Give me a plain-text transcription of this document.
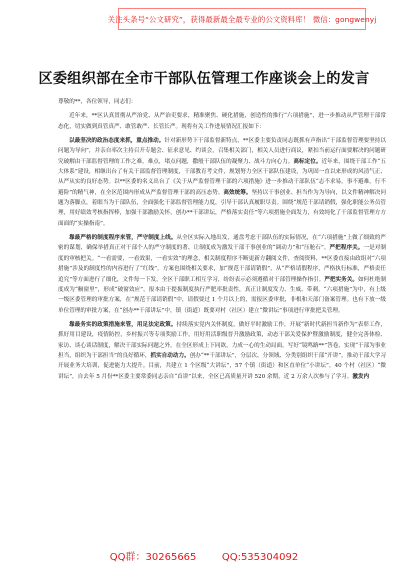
关注头条号“公文研究”，获得最新最全最专业的公文资料库！ 微信：gongwenyj
区委组织部在全市干部队伍管理工作座谈会上的发言

尊敬的**，各位领导，同志们：

近年来，**区认真贯彻从严治党、从严治吏要求，精准聚焦、硬化措施，创造性的推行“六项措施”，进一步推动从严管理干部常态化，切实做到真管真严、敢管敢严、长管长严。现将有关工作进展情况汇报如下：

以最坚决的政治态度来抓，重点推动。针对新形势下干部监督新特点，**区委主要负责同志既抓有声指出“干部监督管理要坚持以问题为导向”，并亲自率次主持召开专题会、征求意见、约谈会，召集相关部门，相关人员进行商议，紧扣当前运行面要解决的问题研究破解由干部监督管理的工作之难，难点，堵点问题，撒般干部队伍的凝聚力、战斗力向心力。高标定位。近年来，围绕干部工作“五大体系”建设，相继出台了有关干部监督管理制度，干部教育考文件，规划努力全区干部队伍建设，为巩固一直以来形成的风清气正、从严从实的良好态势。以**区委的名义出台了《关于从严监督管理干部的六项措施》进一步推动干部队伍“志不求易，事不避难，行不避险”的精气神，在全区范围内形成从严监督管理干部的高压态势。高效统筹。坚持以干事创业、担当作为为导向，以文件精神解决问题为落脚点，着眼当为干部队伍，全面强化干部监督管理能力度，引导干部认真履职尽责。围绕“规范干部请销假，强化职能公务员管理，用好绩效考核指挥棒，加强干部激励关怀，创办**干部讲坛，严格落实责任”等六项措施全面发力，有效纯化了干部监督管理方方面面的“实操指南”。

靠最严格的制度程序来管，严守制度上线。从全区实际入地出发，通盘考虑干部队伍的实际情况，在“六项措施”上做了细致的严密的谋划，确保举措真正对干部个人的严守制度的著、让制度成为激发干部干事创业的“调动力”和“压舱石”。严把程序关。一是对制度的审核把关。“一看需要，一看效果，一看实效”的理念，相关制度程序不断更新方翻阅文件，查阅资料，**区委直接由政组对“六项措施”涉及的制度性的内容进行了“红线”，方案也围绕相关要求，加“规范干部请销假”，从“严格请假程序，严格执行标准，严格责任追究”等方面进行了细化，文件每一下发，全区干部职工相互学习，纷纷表示必须遵循对干部管理操作指引。严把实务关。如何杜绝制度成为“橱窗里”，形成“破窗效应”，报本由于提振制度执行严肥率批责性，真正让制度发力、生威、带刺。“六项措施”为中，有上级一级区委管理的审批方案，在“规范干部请销假”中，请假要过 1 个月以上的，需报区委审批，非根和天部门备案管理。也有下放一级单位管理的审批方案，在“创办**干部讲坛”中，镇（街道）既要对村（社区）建立“微讲坛”事项进行审批把关管理。

靠最务实的政策措施来管，用足法定政策。持续落实党内关怀制度，做好平时激励工作，开展“新时代新担当新作为”表彰工作，抓好用目建设，疫情防控，乡村振兴等专项奖励工作，用好用活职级晋升激励政策，动态干部关爱保护暨激励制度，健全完善体检、家访、谈心谈话制度，解决干部实际问题之外，在全区形成上下同欲，力成一心的生动局面。写好“镜鸣路**”答卷，实现“干部为事业担当，组织为干部担当”的良好循环，抓实自动动力。创办“**干部讲坛”，分层次、分领域、分类别组织干部“开讲”，推动干部大学习开展业务大培训，促进能力大提升。目前，共建立 1 个区级“大讲坛”，57 个镇（街道）和区直单位“小讲坛”，40 个村（社区）“微讲坛”，自去年 5 月份**区委主要常委同志亲自“首讲”以来，全区已高质量开讲 520 余期，近 2 万余人次参与了学习。激发内

QQ群：30265665        QQ:535304092
